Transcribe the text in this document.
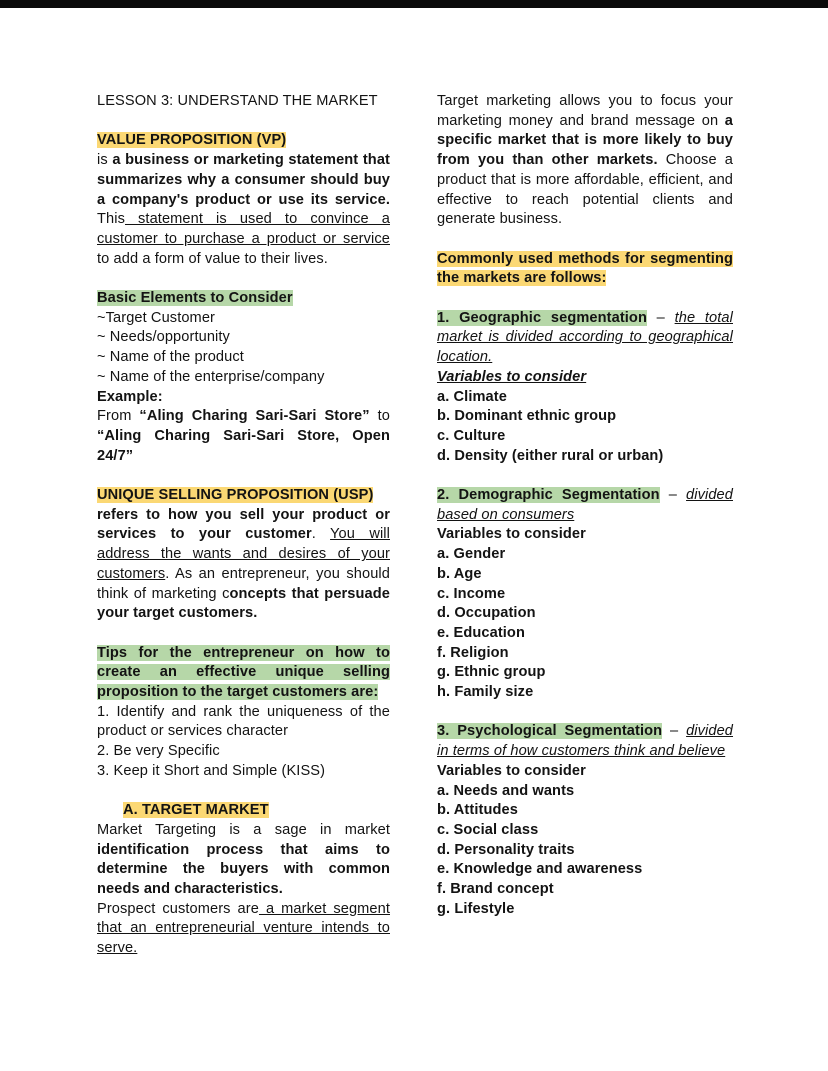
LESSON 3: UNDERSTAND THE MARKET
VALUE PROPOSITION (VP)
is a business or marketing statement that summarizes why a consumer should buy a company's product or use its service. This statement is used to convince a customer to purchase a product or service to add a form of value to their lives.
Basic Elements to Consider
~Target Customer
~ Needs/opportunity
~ Name of the product
~ Name of the enterprise/company
Example:
From “Aling Charing Sari-Sari Store” to “Aling Charing Sari-Sari Store, Open 24/7”
UNIQUE SELLING PROPOSITION (USP)
refers to how you sell your product or services to your customer. You will address the wants and desires of your customers. As an entrepreneur, you should think of marketing concepts that persuade your target customers.
Tips for the entrepreneur on how to create an effective unique selling proposition to the target customers are:
1. Identify and rank the uniqueness of the product or services character
2. Be very Specific
3. Keep it Short and Simple (KISS)
A. TARGET MARKET
Market Targeting is a sage in market identification process that aims to determine the buyers with common needs and characteristics.
Prospect customers are a market segment that an entrepreneurial venture intends to serve.
Target marketing allows you to focus your marketing money and brand message on a specific market that is more likely to buy from you than other markets. Choose a product that is more affordable, efficient, and effective to reach potential clients and generate business.
Commonly used methods for segmenting the markets are follows:
1. Geographic segmentation – the total market is divided according to geographical location.
Variables to consider
a. Climate
b. Dominant ethnic group
c. Culture
d. Density (either rural or urban)
2. Demographic Segmentation – divided based on consumers
Variables to consider
a. Gender
b. Age
c. Income
d. Occupation
e. Education
f. Religion
g. Ethnic group
h. Family size
3. Psychological Segmentation – divided in terms of how customers think and believe
Variables to consider
a. Needs and wants
b. Attitudes
c. Social class
d. Personality traits
e. Knowledge and awareness
f. Brand concept
g. Lifestyle
